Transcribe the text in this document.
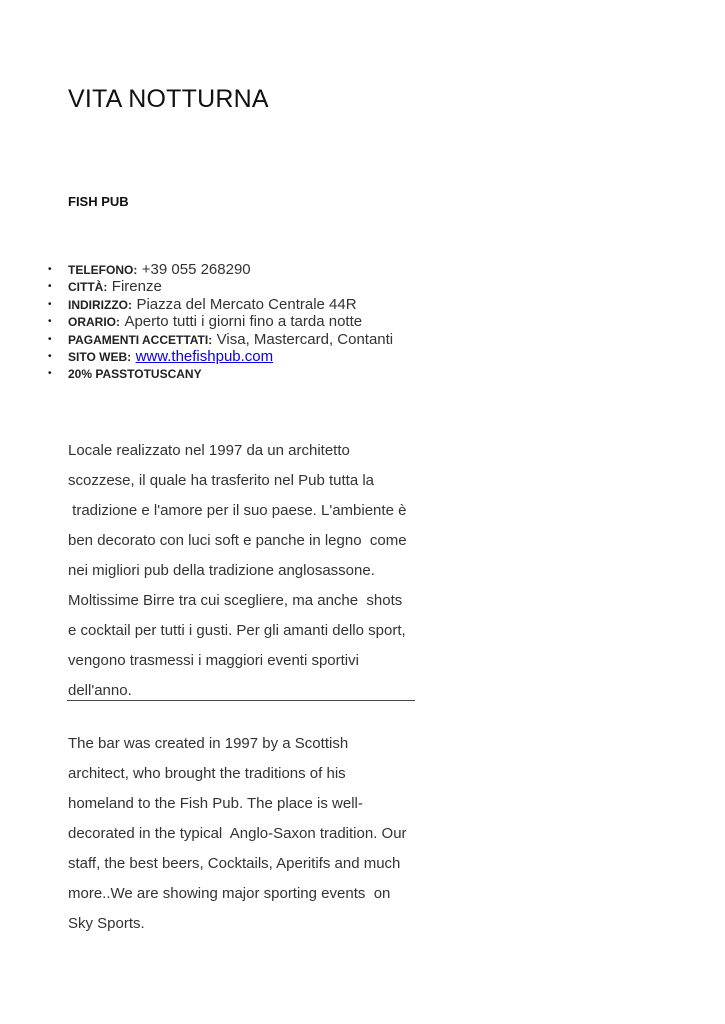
VITA NOTTURNA
FISH PUB
• TELEFONO: +39 055 268290
• CITTÀ: Firenze
• INDIRIZZO: Piazza del Mercato Centrale 44R
• ORARIO: Aperto tutti i giorni fino a tarda notte
• PAGAMENTI ACCETTATI: Visa, Mastercard, Contanti
• SITO WEB: www.thefishpub.com
• 20% PASSTOTUSCANY
Locale realizzato nel 1997 da un architetto
scozzese, il quale ha trasferito nel Pub tutta la
tradizione e l'amore per il suo paese. L'ambiente è
ben decorato con luci soft e panche in legno  come
nei migliori pub della tradizione anglosassone.
Moltissime Birre tra cui scegliere, ma anche  shots
e cocktail per tutti i gusti. Per gli amanti dello sport,
vengono trasmessi i maggiori eventi sportivi
dell'anno.
The bar was created in 1997 by a Scottish
architect, who brought the traditions of his
homeland to the Fish Pub. The place is well-
decorated in the typical  Anglo-Saxon tradition. Our
staff, the best beers, Cocktails, Aperitifs and much
more..We are showing major sporting events  on
Sky Sports.
